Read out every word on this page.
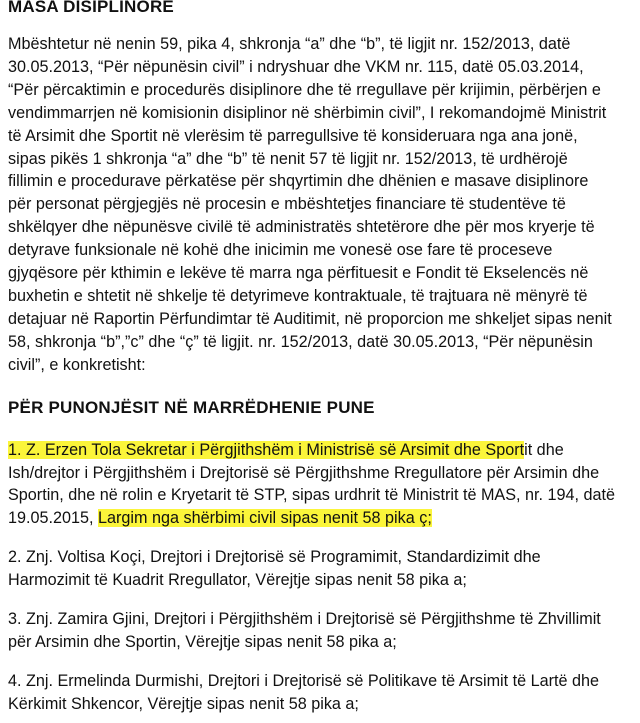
MASA DISIPLINORE

Mbështetur në nenin 59, pika 4, shkronja “a” dhe “b”, të ligjit nr. 152/2013, datë
30.05.2013, “Për nëpunësin civil” i ndryshuar dhe VKM nr. 115, datë 05.03.2014,
“Për përcaktimin e procedurës disiplinore dhe të rregullave për krijimin, përbërjen e
vendimmarrjen në komisionin disiplinor në shërbimin civil”, I rekomandojmë Ministrit
të Arsimit dhe Sportit në vlerësim të parregullsive të konsideruara nga ana jonë,
sipas pikës 1 shkronja “a” dhe “b” të nenit 57 të ligjit nr. 152/2013, të urdhërojë
fillimin e procedurave përkatëse për shqyrtimin dhe dhënien e masave disiplinore
për personat përgjegjës në procesin e mbështetjes financiare të studentëve të
shkëlqyer dhe nëpunësve civilë të administratës shtetërore dhe për mos kryerje të
detyrave funksionale në kohë dhe inicimin me vonesë ose fare të proceseve
gjyqësore për kthimin e lekëve të marra nga përfituesit e Fondit të Ekselencës në
buxhetin e shtetit në shkelje të detyrimeve kontraktuale, të trajtuara në mënyrë të
detajuar në Raportin Përfundimtar të Auditimit, në proporcion me shkeljet sipas nenit
58, shkronja “b”,”c” dhe “ç” të ligjit. nr. 152/2013, datë 30.05.2013, “Për nëpunësin
civil”, e konkretisht:

PËR PUNONJËSIT NË MARRËDHENIE PUNE

1. Z. Erzen Tola Sekretar i Përgjithshëm i Ministrisë së Arsimit dhe Sportit dhe
Ish/drejtor i Përgjithshëm i Drejtorisë së Përgjithshme Rregullatore për Arsimin dhe
Sportin, dhe në rolin e Kryetarit të STP, sipas urdhrit të Ministrit të MAS, nr. 194, datë
19.05.2015, Largim nga shërbimi civil sipas nenit 58 pika ç;

2. Znj. Voltisa Koçi, Drejtori i Drejtorisë së Programimit, Standardizimit dhe
Harmozimit të Kuadrit Rregullator, Vërejtje sipas nenit 58 pika a;

3. Znj. Zamira Gjini, Drejtori i Përgjithshëm i Drejtorisë së Përgjithshme të Zhvillimit
për Arsimin dhe Sportin, Vërejtje sipas nenit 58 pika a;

4. Znj. Ermelinda Durmishi, Drejtori i Drejtorisë së Politikave të Arsimit të Lartë dhe
Kërkimit Shkencor, Vërejtje sipas nenit 58 pika a;
